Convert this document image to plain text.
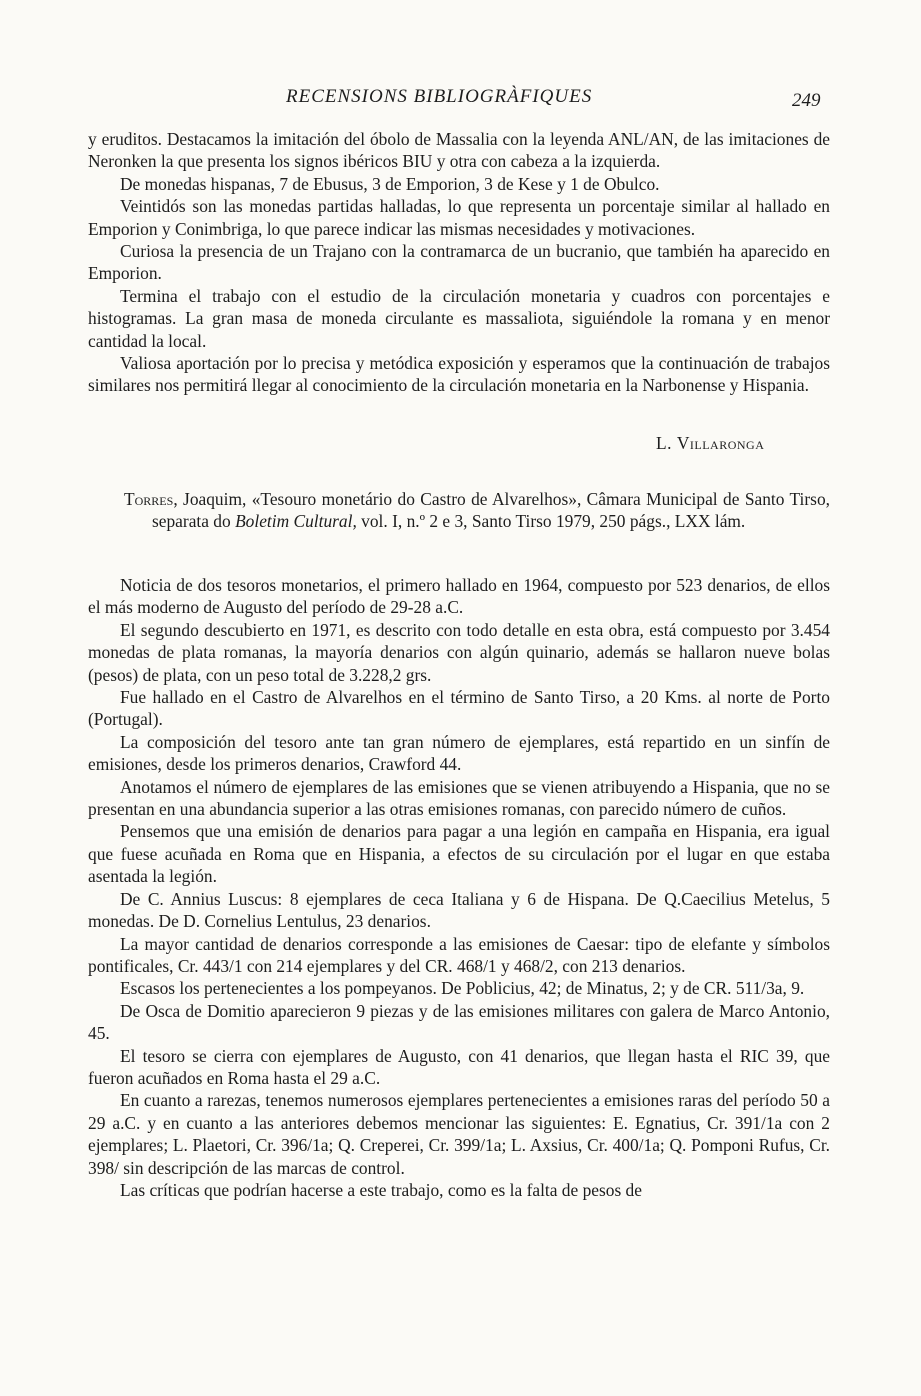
RECENSIONS BIBLIOGRÀFIQUES	249

y eruditos. Destacamos la imitación del óbolo de Massalia con la leyenda ANL/AN, de las imitaciones de Neronken la que presenta los signos ibéricos BIU y otra con cabeza a la izquierda.

De monedas hispanas, 7 de Ebusus, 3 de Emporion, 3 de Kese y 1 de Obulco.

Veintidós son las monedas partidas halladas, lo que representa un porcentaje similar al hallado en Emporion y Conimbriga, lo que parece indicar las mismas necesidades y motivaciones.

Curiosa la presencia de un Trajano con la contramarca de un bucranio, que también ha aparecido en Emporion.

Termina el trabajo con el estudio de la circulación monetaria y cuadros con porcentajes e histogramas. La gran masa de moneda circulante es massaliota, siguiéndole la romana y en menor cantidad la local.

Valiosa aportación por lo precisa y metódica exposición y esperamos que la continuación de trabajos similares nos permitirá llegar al conocimiento de la circulación monetaria en la Narbonense y Hispania.

L. Villaronga

Torres, Joaquim, «Tesouro monetário do Castro de Alvarelhos», Câmara Municipal de Santo Tirso, separata do Boletim Cultural, vol. I, n.º 2 e 3, Santo Tirso 1979, 250 págs., LXX lám.

Noticia de dos tesoros monetarios, el primero hallado en 1964, compuesto por 523 denarios, de ellos el más moderno de Augusto del período de 29-28 a.C.

El segundo descubierto en 1971, es descrito con todo detalle en esta obra, está compuesto por 3.454 monedas de plata romanas, la mayoría denarios con algún quinario, además se hallaron nueve bolas (pesos) de plata, con un peso total de 3.228,2 grs.

Fue hallado en el Castro de Alvarelhos en el término de Santo Tirso, a 20 Kms. al norte de Porto (Portugal).

La composición del tesoro ante tan gran número de ejemplares, está repartido en un sinfín de emisiones, desde los primeros denarios, Crawford 44.

Anotamos el número de ejemplares de las emisiones que se vienen atribuyendo a Hispania, que no se presentan en una abundancia superior a las otras emisiones romanas, con parecido número de cuños.

Pensemos que una emisión de denarios para pagar a una legión en campaña en Hispania, era igual que fuese acuñada en Roma que en Hispania, a efectos de su circulación por el lugar en que estaba asentada la legión.

De C. Annius Luscus: 8 ejemplares de ceca Italiana y 6 de Hispana. De Q.Caecilius Metelus, 5 monedas. De D. Cornelius Lentulus, 23 denarios.

La mayor cantidad de denarios corresponde a las emisiones de Caesar: tipo de elefante y símbolos pontificales, Cr. 443/1 con 214 ejemplares y del CR. 468/1 y 468/2, con 213 denarios.

Escasos los pertenecientes a los pompeyanos. De Poblicius, 42; de Minatus, 2; y de CR. 511/3a, 9.

De Osca de Domitio aparecieron 9 piezas y de las emisiones militares con galera de Marco Antonio, 45.

El tesoro se cierra con ejemplares de Augusto, con 41 denarios, que llegan hasta el RIC 39, que fueron acuñados en Roma hasta el 29 a.C.

En cuanto a rarezas, tenemos numerosos ejemplares pertenecientes a emisiones raras del período 50 a 29 a.C. y en cuanto a las anteriores debemos mencionar las siguientes: E. Egnatius, Cr. 391/1a con 2 ejemplares; L. Plaetori, Cr. 396/1a; Q. Creperei, Cr. 399/1a; L. Axsius, Cr. 400/1a; Q. Pomponi Rufus, Cr. 398/ sin descripción de las marcas de control.

Las críticas que podrían hacerse a este trabajo, como es la falta de pesos de
